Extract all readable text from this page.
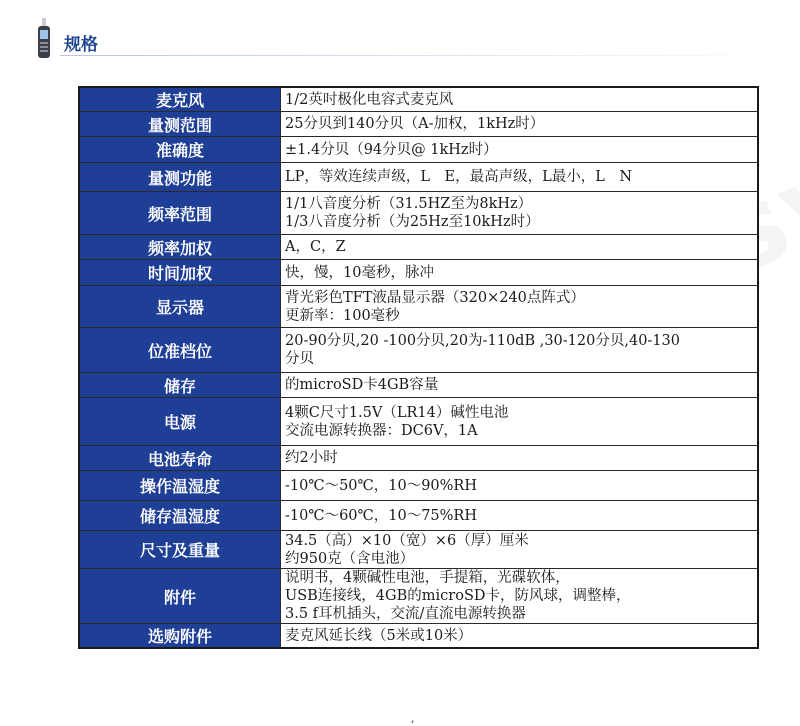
规格
麦克风	1/2英吋极化电容式麦克风

量测范围	25分贝到140分贝（A-加权，1kHz时）

准确度	±1.4分贝（94分贝@ 1kHz时）

量测功能	LP，等效连续声级，L　E，最高声级，L最小，L　N

频率范围	1/1八音度分析（31.5HZ至为8kHz）
1/3八音度分析（为25Hz至10kHz时）

频率加权	A，C，Z

时间加权	快，慢，10毫秒，脉冲

显示器	背光彩色TFT液晶显示器（320×240点阵式）
更新率：100毫秒

位准档位	20-90分贝,20 -100分贝,20为-110dB ,30-120分贝,40-130
分贝

储存	的microSD卡4GB容量

电源	4颗C尺寸1.5V（LR14）碱性电池
交流电源转换器：DC6V，1A

电池寿命	约2小时

操作温湿度	-10℃～50℃，10～90%RH

储存温湿度	-10℃～60℃，10～75%RH

尺寸及重量	34.5（高）×10（宽）×6（厚）厘米
约950克（含电池）

附件	说明书，4颗碱性电池，手提箱，光碟软体，
USB连接线，4GB的microSD卡，防风球，调整棒，
3.5 f耳机插头，交流/直流电源转换器

选购附件	麦克风延长线（5米或10米）
,
